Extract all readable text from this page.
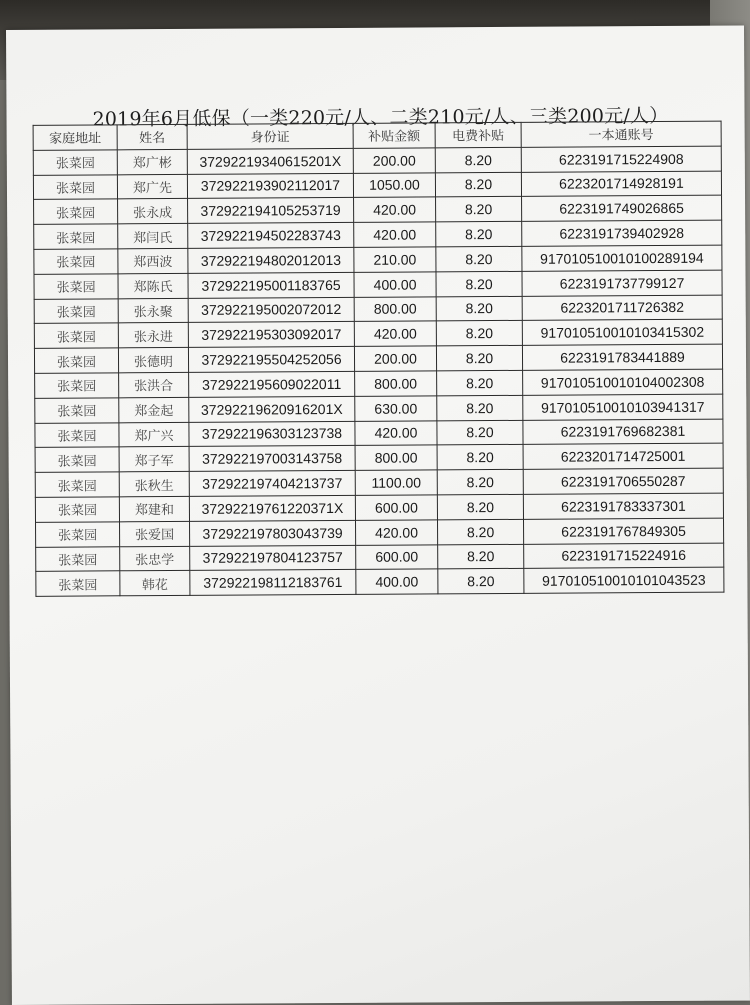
2019年6月低保（一类220元/人、二类210元/人、三类200元/人）
家庭地址	姓名	身份证	补贴金额	电费补贴	一本通账号
张菜园	郑广彬	37292219340615201X	200.00	8.20	6223191715224908
张菜园	郑广先	372922193902112017	1050.00	8.20	6223201714928191
张菜园	张永成	372922194105253719	420.00	8.20	6223191749026865
张菜园	郑闫氏	372922194502283743	420.00	8.20	6223191739402928
张菜园	郑西波	372922194802012013	210.00	8.20	917010510010100289194
张菜园	郑陈氏	372922195001183765	400.00	8.20	6223191737799127
张菜园	张永聚	372922195002072012	800.00	8.20	6223201711726382
张菜园	张永进	372922195303092017	420.00	8.20	917010510010103415302
张菜园	张德明	372922195504252056	200.00	8.20	6223191783441889
张菜园	张洪合	372922195609022011	800.00	8.20	917010510010104002308
张菜园	郑金起	37292219620916201X	630.00	8.20	917010510010103941317
张菜园	郑广兴	372922196303123738	420.00	8.20	6223191769682381
张菜园	郑子军	372922197003143758	800.00	8.20	6223201714725001
张菜园	张秋生	372922197404213737	1100.00	8.20	6223191706550287
张菜园	郑建和	37292219761220371X	600.00	8.20	6223191783337301
张菜园	张爱国	372922197803043739	420.00	8.20	6223191767849305
张菜园	张忠学	372922197804123757	600.00	8.20	6223191715224916
张菜园	韩花	372922198112183761	400.00	8.20	917010510010101043523
